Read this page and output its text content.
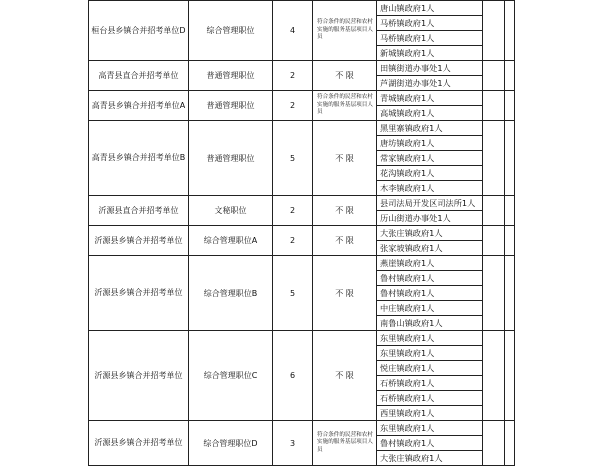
桓台县乡镇合并招考单位D	综合管理职位	4	符合条件的民营和农村实施的服务基层项目人员	唐山镇政府1人		
				马桥镇政府1人		
				马桥镇政府1人		
				新城镇政府1人		
高青县直合并招考单位	普通管理职位	2	不 限	田镇街道办事处1人		
				芦湖街道办事处1人		
高青县乡镇合并招考单位A	普通管理职位	2	符合条件的民营和农村实施的服务基层项目人员	青城镇政府1人		
				高城镇政府1人		
高青县乡镇合并招考单位B	普通管理职位	5	不 限	黑里寨镇政府1人		
				唐坊镇政府1人		
				常家镇政府1人		
				花沟镇政府1人		
				木李镇政府1人		
沂源县直合并招考单位	文秘职位	2	不 限	县司法局开发区司法所1人		
				历山街道办事处1人		
沂源县乡镇合并招考单位	综合管理职位A	2	不 限	大张庄镇政府1人		
				张家坡镇政府1人		
沂源县乡镇合并招考单位	综合管理职位B	5	不 限	燕崖镇政府1人		
				鲁村镇政府1人		
				鲁村镇政府1人		
				中庄镇政府1人		
				南鲁山镇政府1人		
沂源县乡镇合并招考单位	综合管理职位C	6	不 限	东里镇政府1人		
				东里镇政府1人		
				悦庄镇政府1人		
				石桥镇政府1人		
				石桥镇政府1人		
				西里镇政府1人		
沂源县乡镇合并招考单位	综合管理职位D	3	符合条件的民营和农村实施的服务基层项目人员	东里镇政府1人		
				鲁村镇政府1人		
				大张庄镇政府1人		
